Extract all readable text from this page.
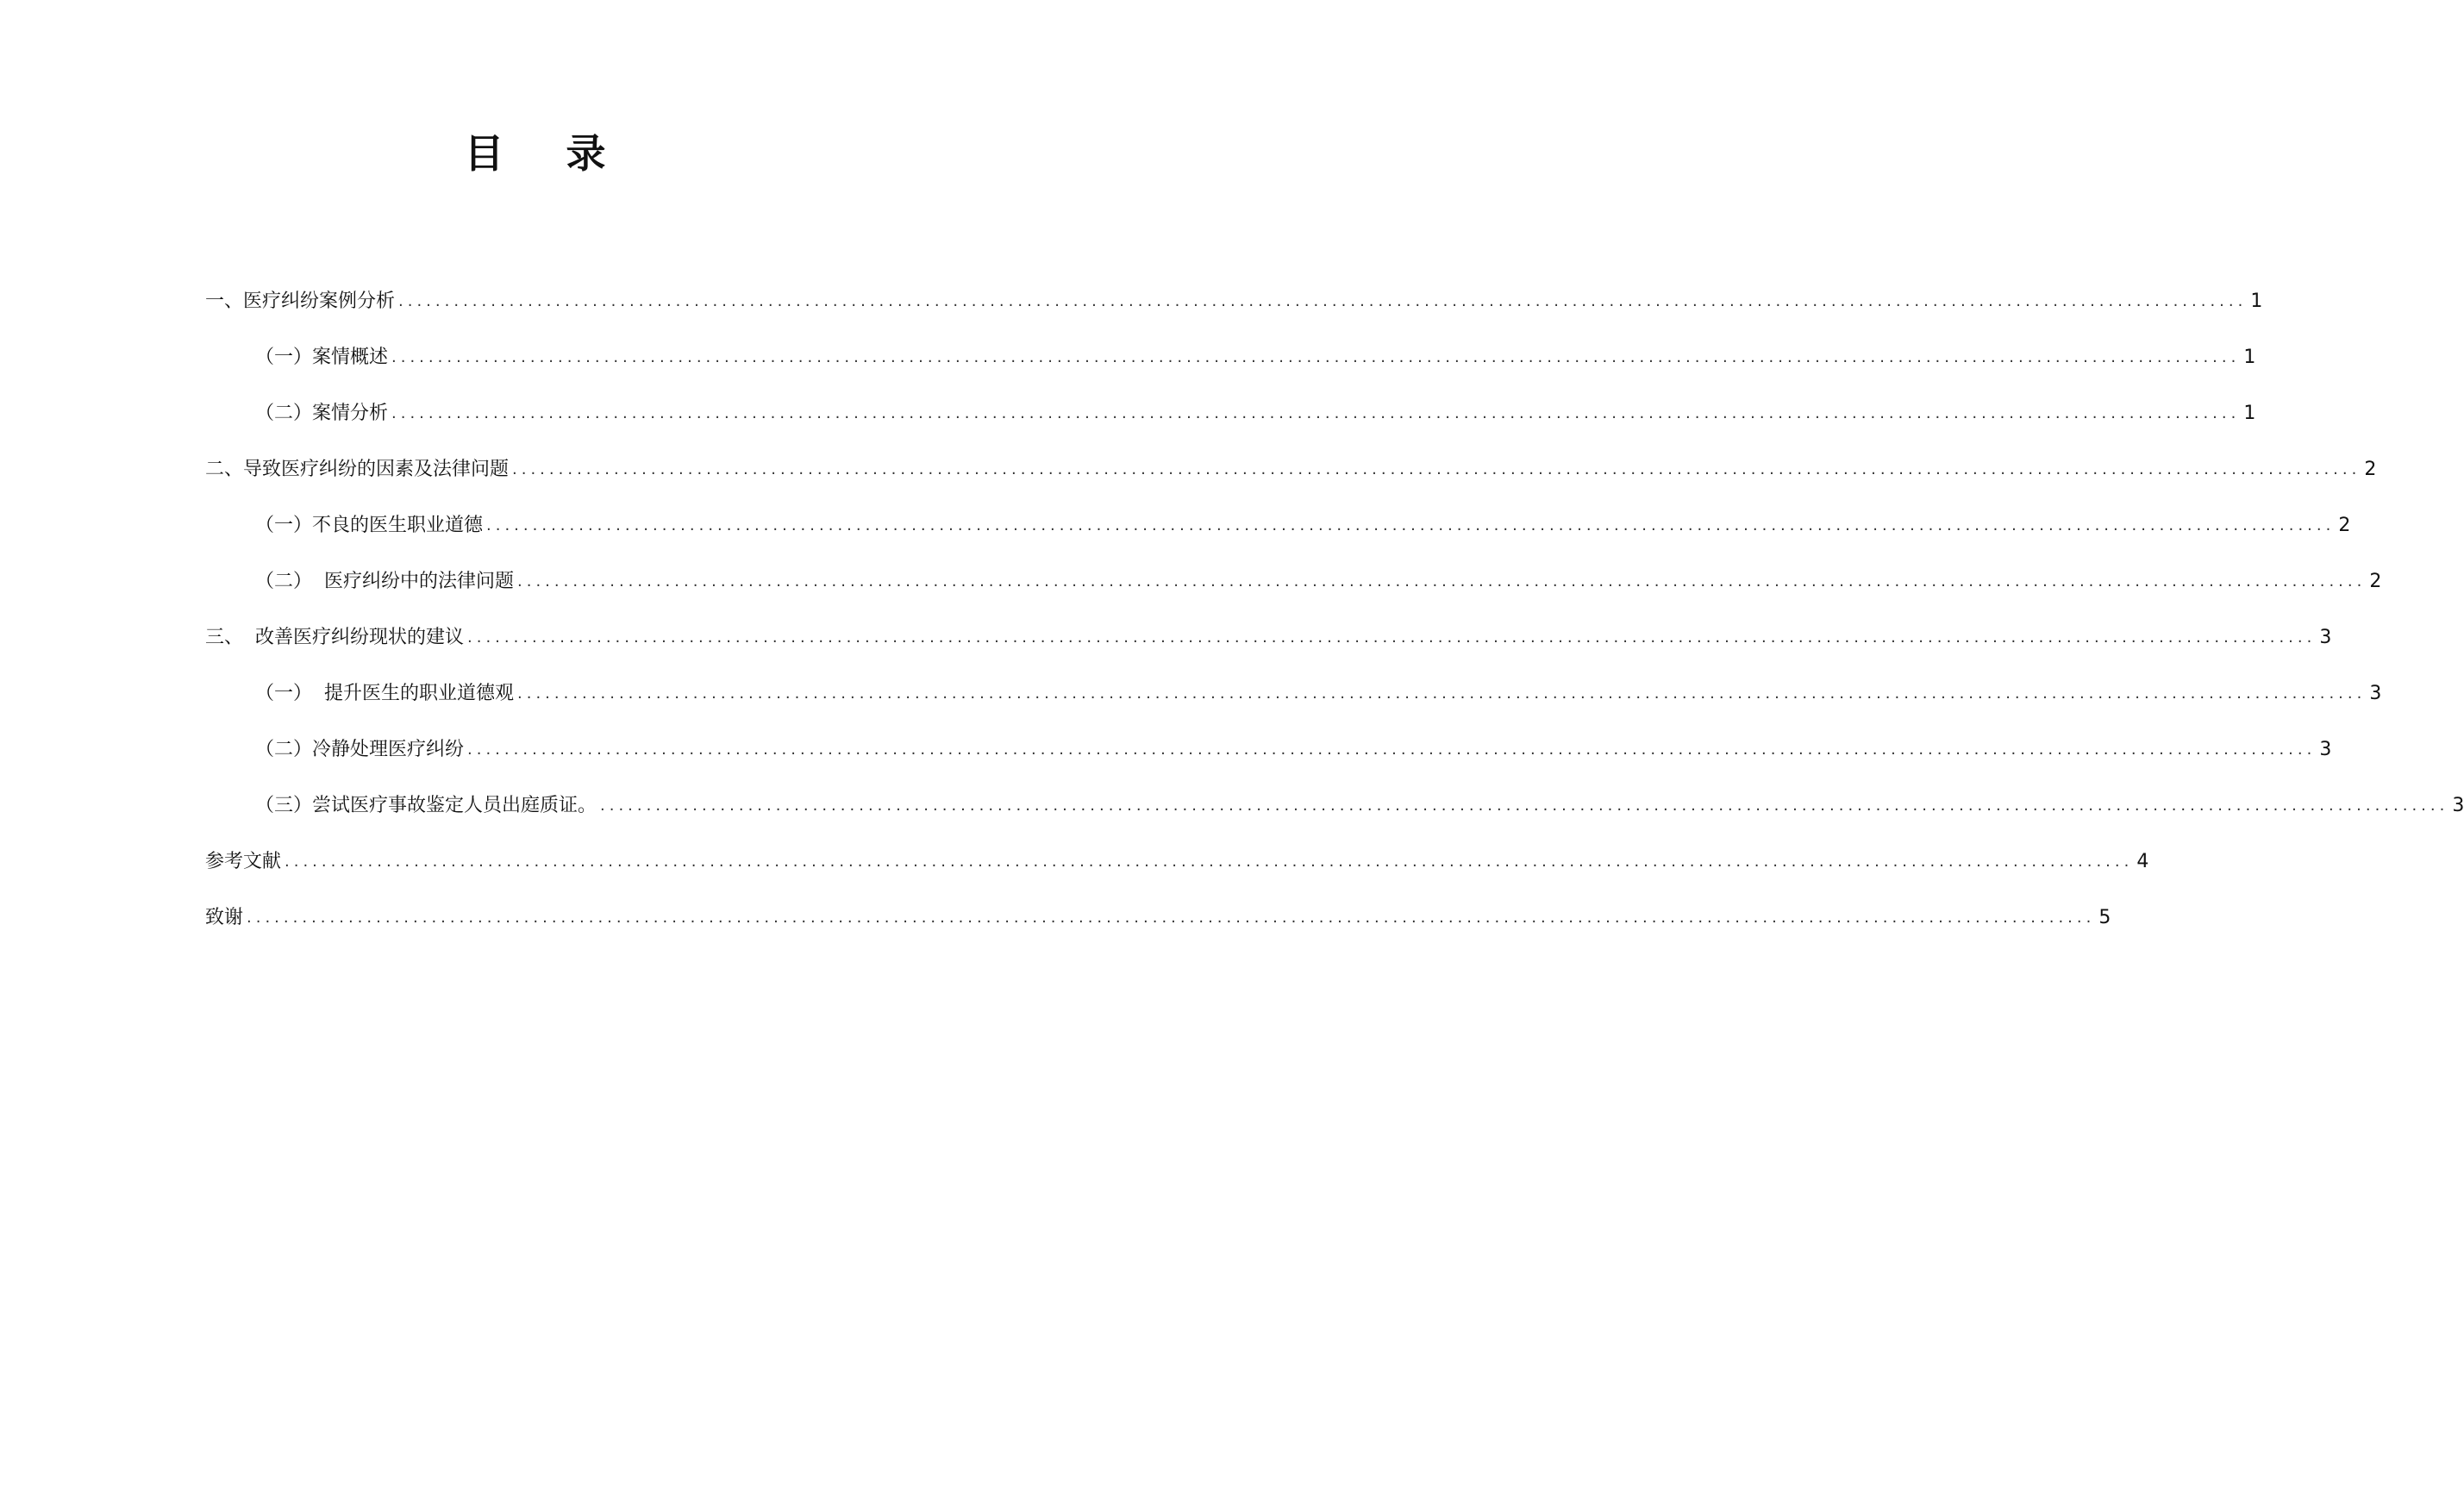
目 录
一、医疗纠纷案例分析 ........................................................................................................................................................................................................ 1
（一）案情概述 ........................................................................................................................................................................................................ 1
（二）案情分析 ........................................................................................................................................................................................................ 1
二、导致医疗纠纷的因素及法律问题 ........................................................................................................................................................................................................ 2
（一）不良的医生职业道德 ........................................................................................................................................................................................................ 2
（二）  医疗纠纷中的法律问题 ........................................................................................................................................................................................................ 2
三、  改善医疗纠纷现状的建议 ........................................................................................................................................................................................................ 3
（一）  提升医生的职业道德观 ........................................................................................................................................................................................................ 3
（二）冷静处理医疗纠纷 ........................................................................................................................................................................................................ 3
（三）尝试医疗事故鉴定人员出庭质证。 ........................................................................................................................................................................................................ 3
参考文献 ........................................................................................................................................................................................................ 4
致谢 ........................................................................................................................................................................................................ 5
